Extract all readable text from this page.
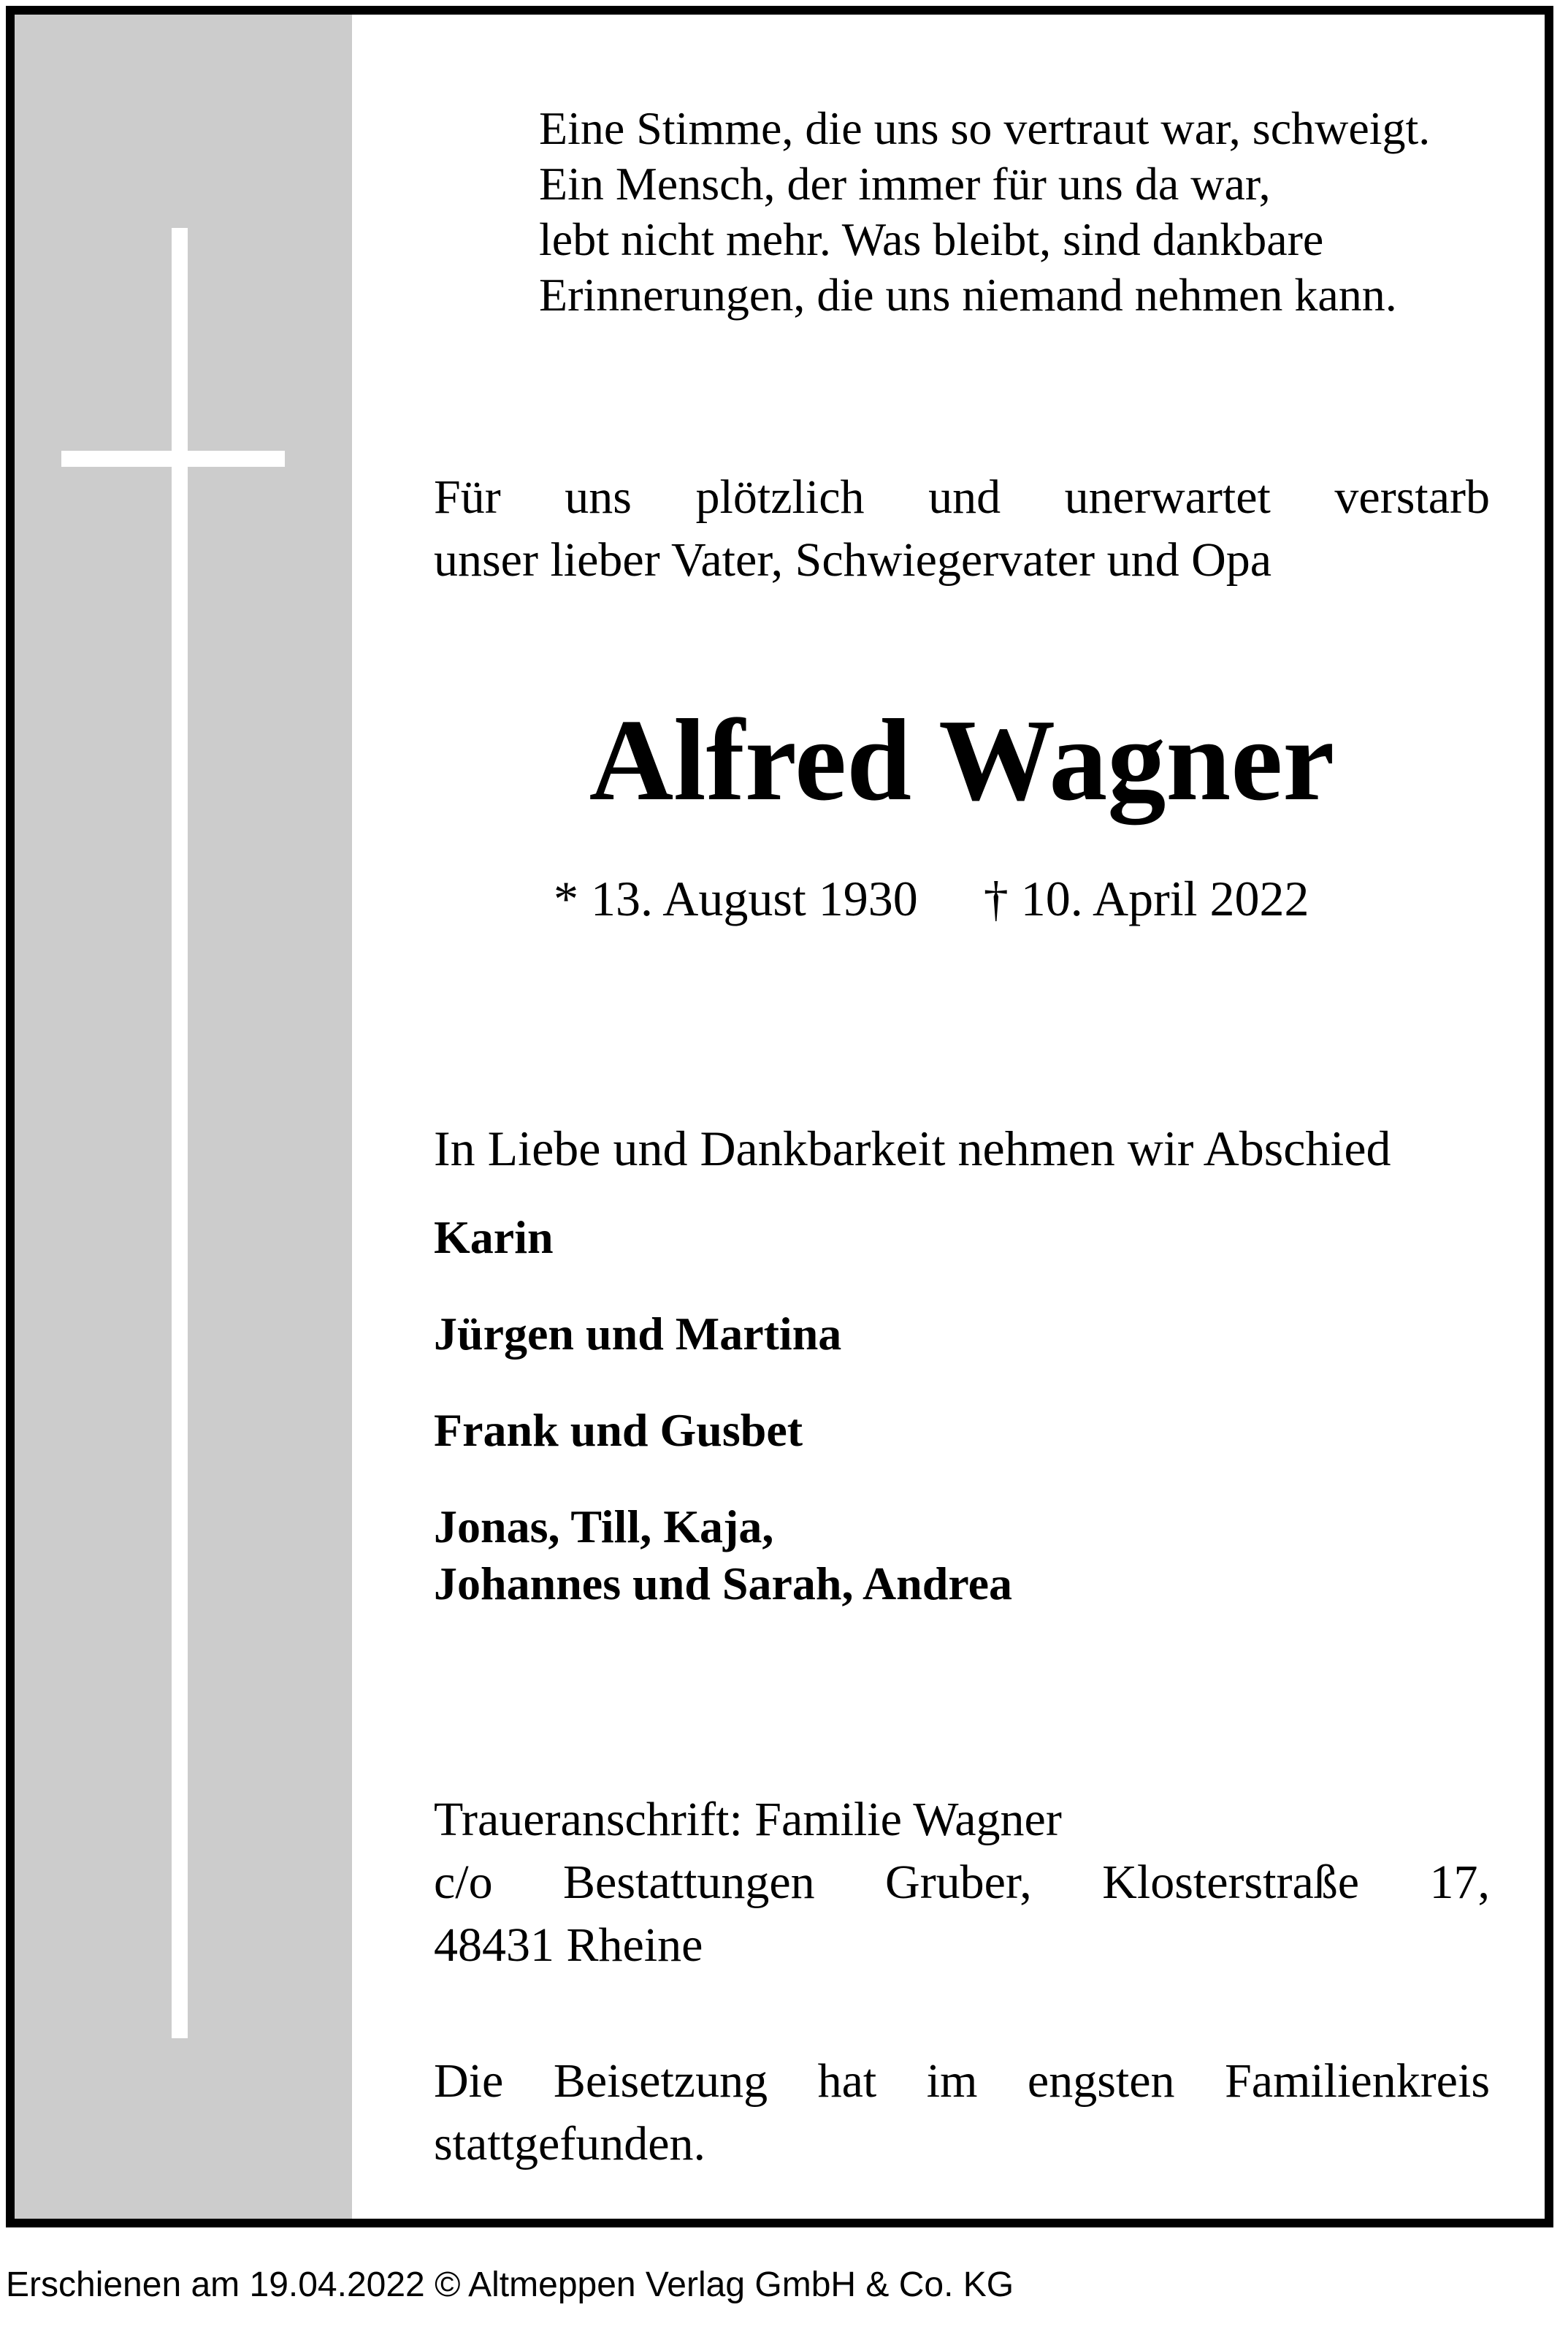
Eine Stimme, die uns so vertraut war, schweigt.
Ein Mensch, der immer für uns da war,
lebt nicht mehr. Was bleibt, sind dankbare
Erinnerungen, die uns niemand nehmen kann.
Für uns plötzlich und unerwartet verstarb
unser lieber Vater, Schwiegervater und Opa
Alfred Wagner
* 13. August 1930 † 10. April 2022
In Liebe und Dankbarkeit nehmen wir Abschied
Karin
Jürgen und Martina
Frank und Gusbet
Jonas, Till, Kaja,
Johannes und Sarah, Andrea
Traueranschrift: Familie Wagner
c/o Bestattungen Gruber, Klosterstraße 17,
48431 Rheine
Die Beisetzung hat im engsten Familienkreis
stattgefunden.
Erschienen am 19.04.2022 © Altmeppen Verlag GmbH & Co. KG
